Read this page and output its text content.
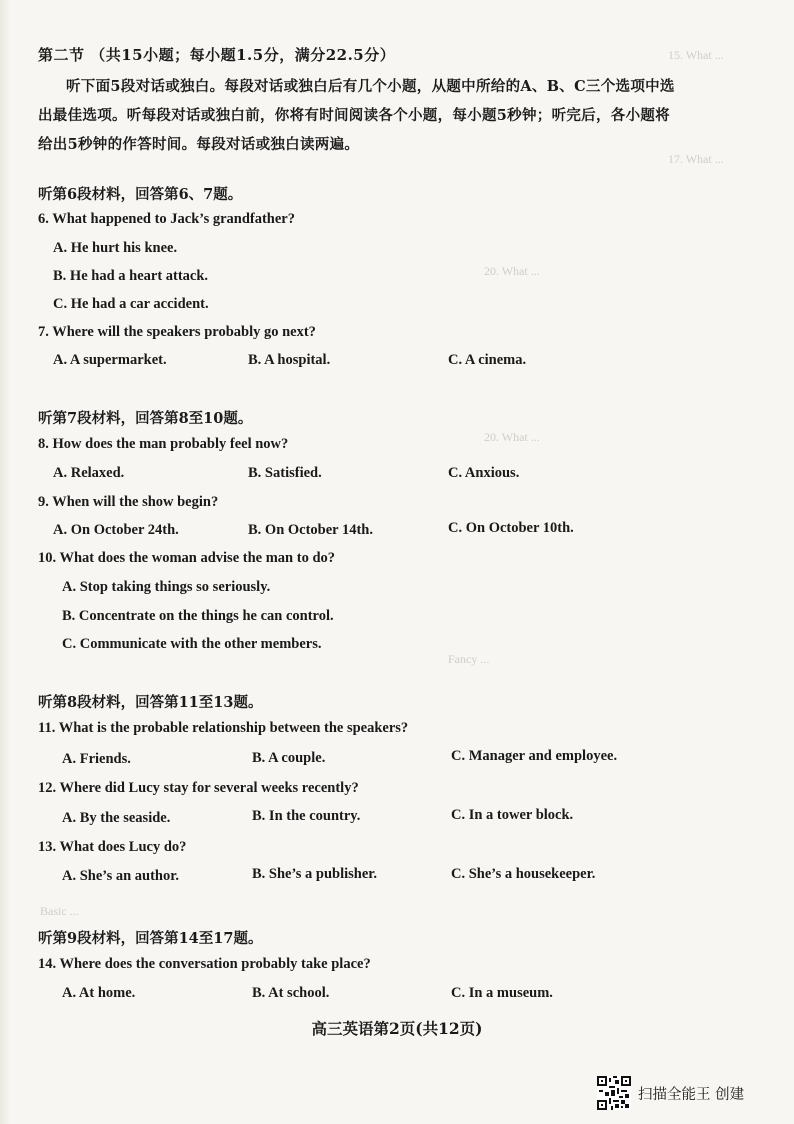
15. What ...
17. What ...
20. What ...
20. What ...
Fancy ...
Basic ...
第二节 （共15小题；每小题1.5分，满分22.5分）
听下面5段对话或独白。每段对话或独白后有几个小题，从题中所给的A、B、C三个选项中选出最佳选项。听每段对话或独白前，你将有时间阅读各个小题，每小题5秒钟；听完后，各小题将给出5秒钟的作答时间。每段对话或独白读两遍。
听第6段材料，回答第6、7题。
6. What happened to Jack’s grandfather?
A. He hurt his knee.
B. He had a heart attack.
C. He had a car accident.
7. Where will the speakers probably go next?
A. A supermarket.	B. A hospital.	C. A cinema.
听第7段材料，回答第8至10题。
8. How does the man probably feel now?
A. Relaxed.	B. Satisfied.	C. Anxious.
9. When will the show begin?
A. On October 24th.	B. On October 14th.	C. On October 10th.
10. What does the woman advise the man to do?
A. Stop taking things so seriously.
B. Concentrate on the things he can control.
C. Communicate with the other members.
听第8段材料，回答第11至13题。
11. What is the probable relationship between the speakers?
A. Friends.	B. A couple.	C. Manager and employee.
12. Where did Lucy stay for several weeks recently?
A. By the seaside.	B. In the country.	C. In a tower block.
13. What does Lucy do?
A. She’s an author.	B. She’s a publisher.	C. She’s a housekeeper.
听第9段材料，回答第14至17题。
14. Where does the conversation probably take place?
A. At home.	B. At school.	C. In a museum.
高三英语第2页(共12页)
扫描全能王 创建
